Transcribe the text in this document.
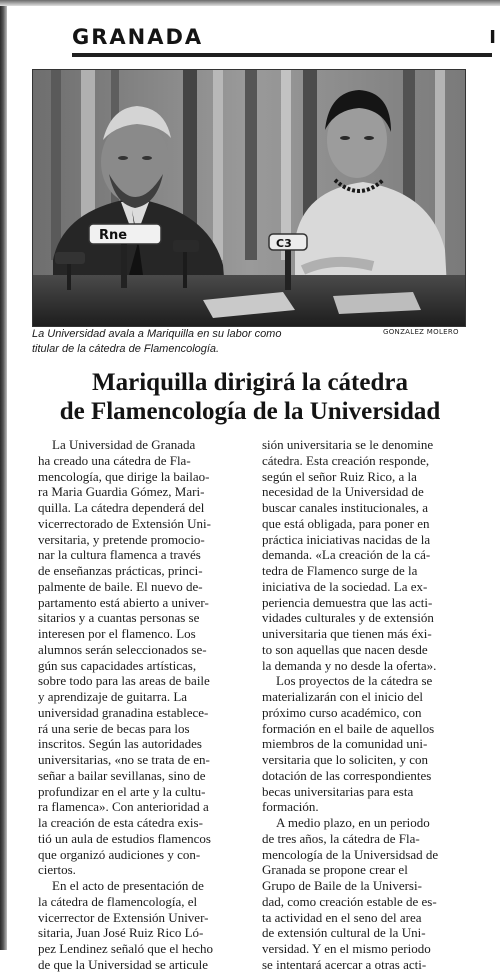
GRANADA	I
Rne
C3
GONZALEZ MOLERO
La Universidad avala a Mariquilla en su labor como
titular de la cátedra de Flamencología.
Mariquilla dirigirá la cátedra
de Flamencología de la Universidad
La Universidad de Granada
ha creado una cátedra de Fla-
mencología, que dirige la bailao-
ra Maria Guardia Gómez, Mari-
quilla. La cátedra dependerá del
vicerrectorado de Extensión Uni-
versitaria, y pretende promocio-
nar la cultura flamenca a través
de enseñanzas prácticas, princi-
palmente de baile. El nuevo de-
partamento está abierto a univer-
sitarios y a cuantas personas se
interesen por el flamenco. Los
alumnos serán seleccionados se-
gún sus capacidades artísticas,
sobre todo para las areas de baile
y aprendizaje de guitarra. La
universidad granadina establece-
rá una serie de becas para los
inscritos. Según las autoridades
universitarias, «no se trata de en-
señar a bailar sevillanas, sino de
profundizar en el arte y la cultu-
ra flamenca». Con anterioridad a
la creación de esta cátedra exis-
tió un aula de estudios flamencos
que organizó audiciones y con-
ciertos.
En el acto de presentación de
la cátedra de flamencología, el
vicerrector de Extensión Univer-
sitaria, Juan José Ruiz Rico Ló-
pez Lendinez señaló que el hecho
de que la Universidad se articule
sión universitaria se le denomine
cátedra. Esta creación responde,
según el señor Ruiz Rico, a la
necesidad de la Universidad de
buscar canales institucionales, a
que está obligada, para poner en
práctica iniciativas nacidas de la
demanda. «La creación de la cá-
tedra de Flamenco surge de la
iniciativa de la sociedad. La ex-
periencia demuestra que las acti-
vidades culturales y de extensión
universitaria que tienen más éxi-
to son aquellas que nacen desde
la demanda y no desde la oferta».
Los proyectos de la cátedra se
materializarán con el inicio del
próximo curso académico, con
formación en el baile de aquellos
miembros de la comunidad uni-
versitaria que lo soliciten, y con
dotación de las correspondientes
becas universitarias para esta
formación.
A medio plazo, en un periodo
de tres años, la cátedra de Fla-
mencología de la Universidsad de
Granada se propone crear el
Grupo de Baile de la Universi-
dad, como creación estable de es-
ta actividad en el seno del area
de extensión cultural de la Uni-
versidad. Y en el mismo periodo
se intentará acercar a otras acti-
